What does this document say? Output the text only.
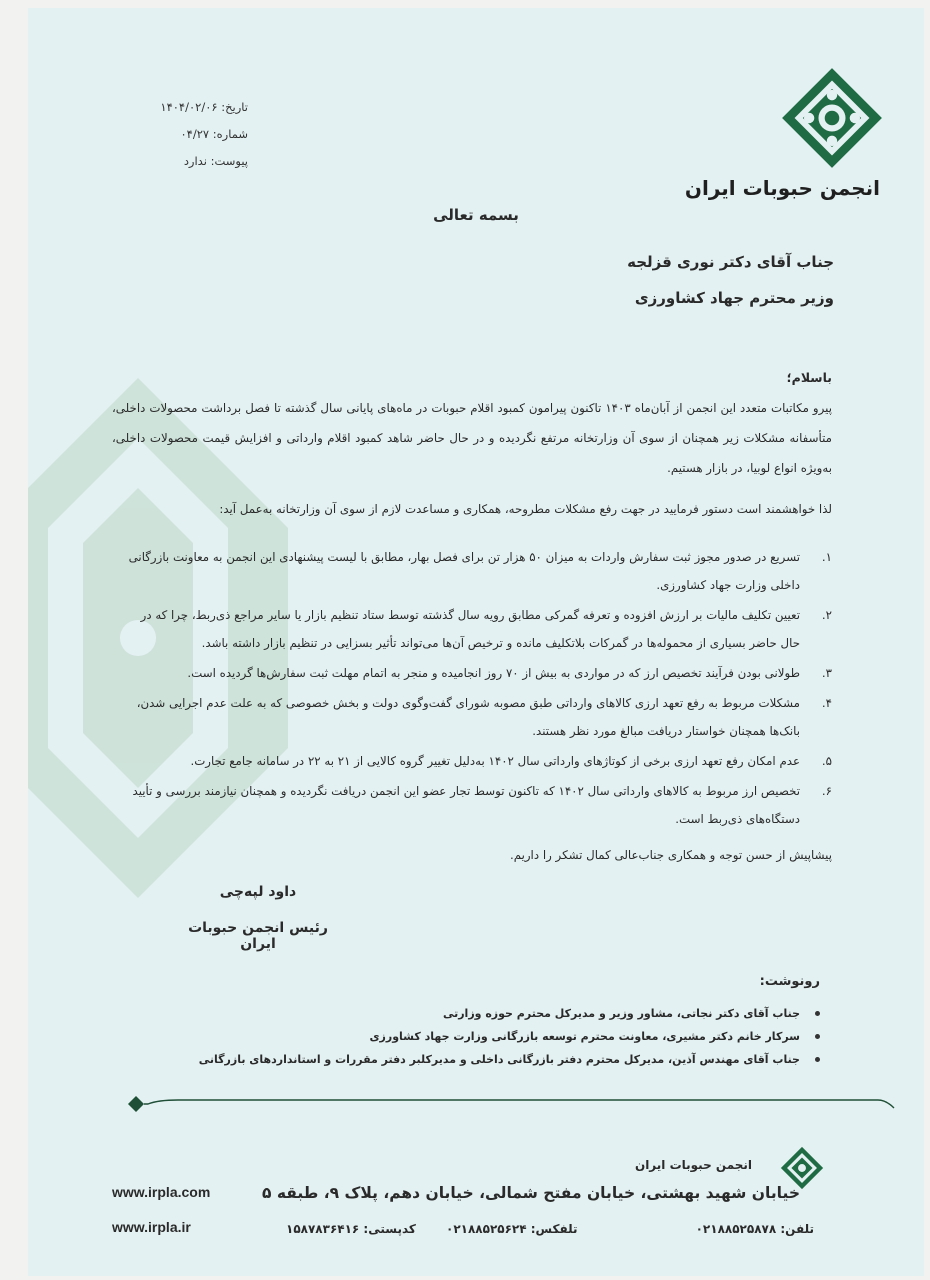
انجمن حبوبات ایران
تاریخ: ۱۴۰۴/۰۲/۰۶
شماره: ۰۴/۲۷
پیوست: ندارد
بسمه تعالی
جناب آقای دکتر نوری قزلجه
وزیر محترم جهاد کشاورزی
باسلام؛
پیرو مکاتبات متعدد این انجمن از آبان‌ماه ۱۴۰۳ تاکنون پیرامون کمبود اقلام حبوبات در ماه‌های پایانی سال گذشته تا فصل برداشت محصولات داخلی، متأسفانه مشکلات زیر همچنان از سوی آن وزارتخانه مرتفع نگردیده و در حال حاضر شاهد کمبود اقلام وارداتی و افزایش قیمت محصولات داخلی، به‌ویژه انواع لوبیا، در بازار هستیم.
لذا خواهشمند است دستور فرمایید در جهت رفع مشکلات مطروحه، همکاری و مساعدت لازم از سوی آن وزارتخانه به‌عمل آید:
۱.
تسریع در صدور مجوز ثبت سفارش واردات به میزان ۵۰ هزار تن برای فصل بهار، مطابق با لیست پیشنهادی این انجمن به معاونت بازرگانی داخلی وزارت جهاد کشاورزی.
۲.
تعیین تکلیف مالیات بر ارزش افزوده و تعرفه گمرکی مطابق رویه سال گذشته توسط ستاد تنظیم بازار یا سایر مراجع ذی‌ربط، چرا که در حال حاضر بسیاری از محموله‌ها در گمرکات بلاتکلیف مانده و ترخیص آن‌ها می‌تواند تأثیر بسزایی در تنظیم بازار داشته باشد.
۳.
طولانی بودن فرآیند تخصیص ارز که در مواردی به بیش از ۷۰ روز انجامیده و منجر به اتمام مهلت ثبت سفارش‌ها گردیده است.
۴.
مشکلات مربوط به رفع تعهد ارزی کالاهای وارداتی طبق مصوبه شورای گفت‌وگوی دولت و بخش خصوصی که به علت عدم اجرایی شدن، بانک‌ها همچنان خواستار دریافت مبالغ مورد نظر هستند.
۵.
عدم امکان رفع تعهد ارزی برخی از کوتاژهای وارداتی سال ۱۴۰۲ به‌دلیل تغییر گروه کالایی از ۲۱ به ۲۲ در سامانه جامع تجارت.
۶.
تخصیص ارز مربوط به کالاهای وارداتی سال ۱۴۰۲ که تاکنون توسط تجار عضو این انجمن دریافت نگردیده و همچنان نیازمند بررسی و تأیید دستگاه‌های ذی‌ربط است.
پیشاپیش از حسن توجه و همکاری جناب‌عالی کمال تشکر را داریم.
داود لپه‌چی
رئیس انجمن حبوبات ایران
رونوشت:
جناب آقای دکتر نجاتی، مشاور وزیر و مدیرکل محترم حوزه وزارتی
سرکار خانم دکتر مشیری، معاونت محترم توسعه بازرگانی وزارت جهاد کشاورزی
جناب آقای مهندس آذین، مدیرکل محترم دفتر بازرگانی داخلی و مدیرکلبر دفتر مقررات و استانداردهای بازرگانی
انجمن حبوبات ایران
خیابان شهید بهشتی، خیابان مفتح شمالی، خیابان دهم، پلاک ۹، طبقه ۵
تلفن: ۰۲۱۸۸۵۲۵۸۷۸
تلفکس: ۰۲۱۸۸۵۲۵۶۲۴
کدپستی: ۱۵۸۷۸۳۶۴۱۶
www.irpla.com
www.irpla.ir
